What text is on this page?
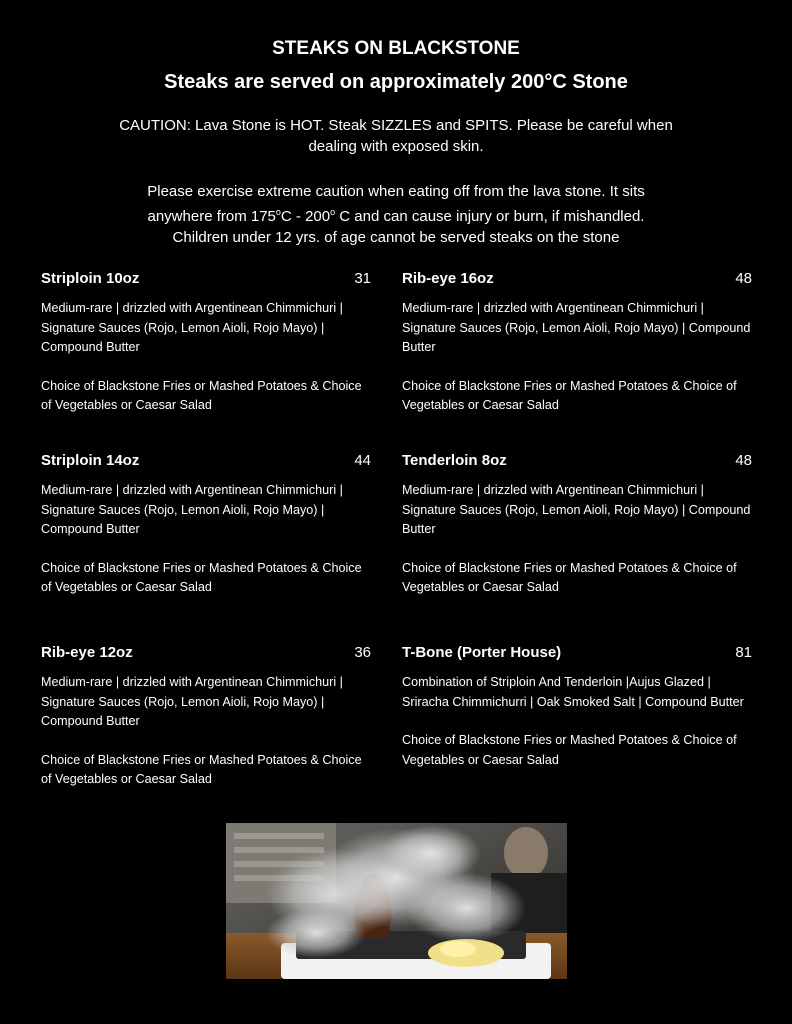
STEAKS ON BLACKSTONE
Steaks are served on approximately 200°C Stone

CAUTION: Lava Stone is HOT. Steak SIZZLES and SPITS. Please be careful when dealing with exposed skin.

Please exercise extreme caution when eating off from the lava stone. It sits
anywhere from 175$^o$C - 200$^o$ C and can cause injury or burn, if mishandled.
Children under 12 yrs. of age cannot be served steaks on the stone

Striploin 10oz	31
Medium-rare | drizzled with Argentinean Chimmichuri | Signature Sauces (Rojo, Lemon Aioli, Rojo Mayo) | Compound Butter
Choice of Blackstone Fries or Mashed Potatoes & Choice of Vegetables or Caesar Salad
Rib-eye 16oz	48
Medium-rare | drizzled with Argentinean Chimmichuri | Signature Sauces (Rojo, Lemon Aioli, Rojo Mayo) | Compound Butter
Choice of Blackstone Fries or Mashed Potatoes & Choice of Vegetables or Caesar Salad
Striploin 14oz	44
Medium-rare | drizzled with Argentinean Chimmichuri | Signature Sauces (Rojo, Lemon Aioli, Rojo Mayo) | Compound Butter
Choice of Blackstone Fries or Mashed Potatoes & Choice of Vegetables or Caesar Salad
Tenderloin 8oz	48
Medium-rare | drizzled with Argentinean Chimmichuri | Signature Sauces (Rojo, Lemon Aioli, Rojo Mayo) | Compound Butter
Choice of Blackstone Fries or Mashed Potatoes & Choice of Vegetables or Caesar Salad
Rib-eye 12oz	36
Medium-rare | drizzled with Argentinean Chimmichuri | Signature Sauces (Rojo, Lemon Aioli, Rojo Mayo) | Compound Butter
Choice of Blackstone Fries or Mashed Potatoes & Choice of Vegetables or Caesar Salad
T-Bone (Porter House)	81
Combination of Striploin And Tenderloin |Aujus Glazed | Sriracha Chimmichurri | Oak Smoked Salt | Compound Butter
Choice of Blackstone Fries or Mashed Potatoes & Choice of Vegetables or Caesar Salad
